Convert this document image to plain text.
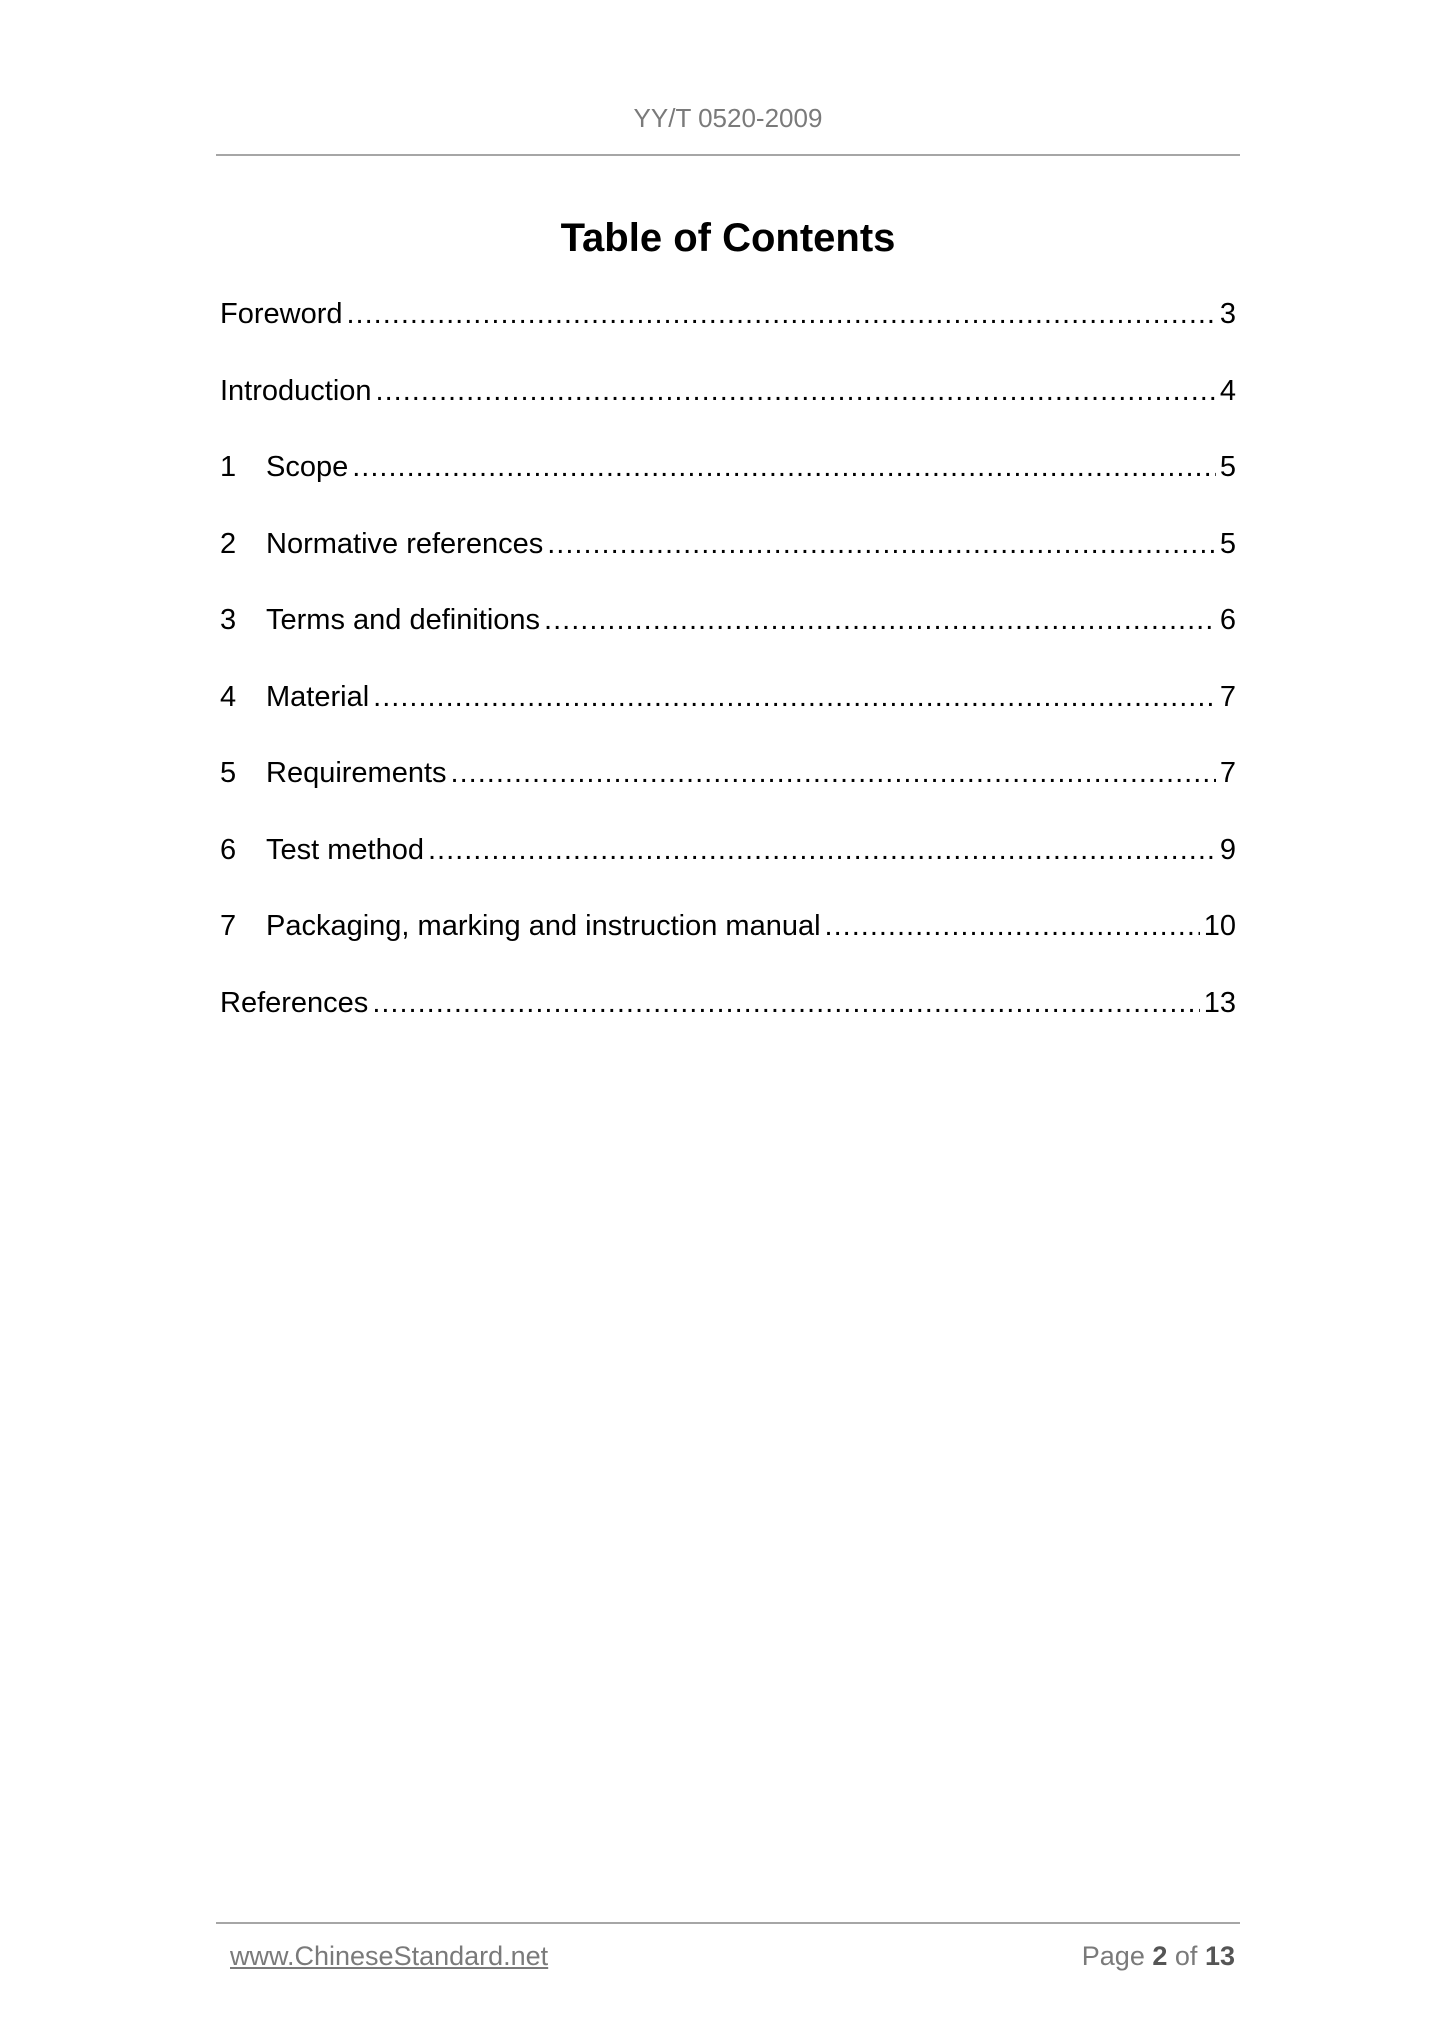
YY/T 0520-2009
Table of Contents
Foreword .....	3
Introduction .....	4
1	Scope .....	5
2	Normative references .....	5
3	Terms and definitions .....	6
4	Material .....	7
5	Requirements .....	7
6	Test method .....	9
7	Packaging, marking and instruction manual .....	10
References .....	13
www.ChineseStandard.net	Page 2 of 13
